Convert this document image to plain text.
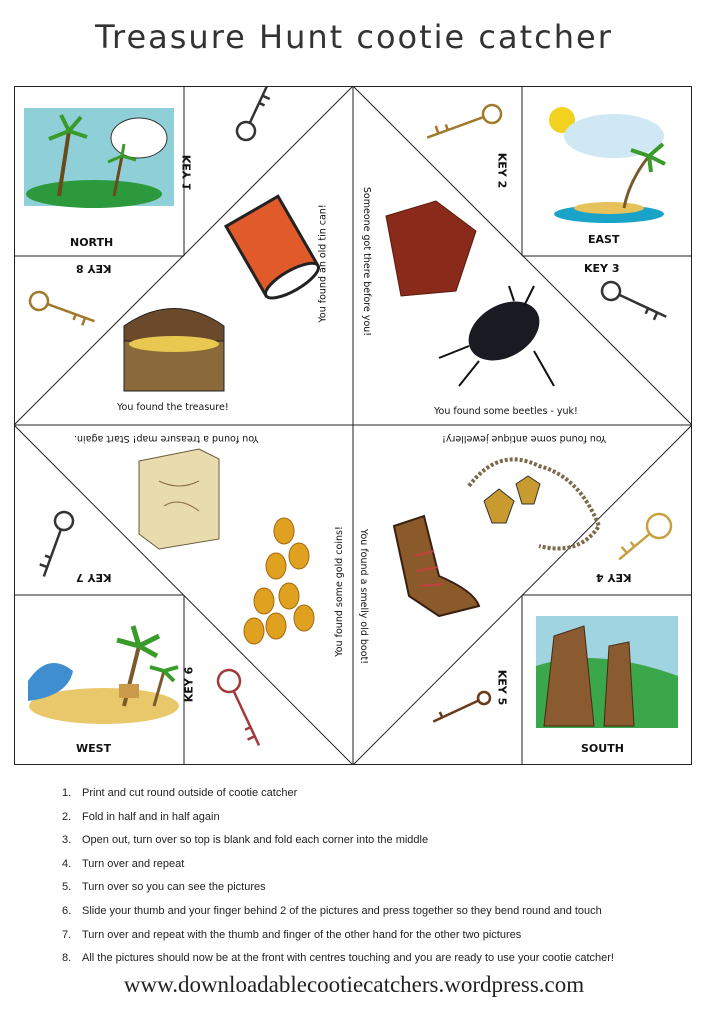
Treasure Hunt cootie catcher
NORTH	EAST
WEST	SOUTH
KEY 1	KEY 2
KEY 3
KEY 4
KEY 5
KEY 6
KEY 7
KEY 8	You found an old tin can!	Someone got there before you!
You found the treasure!	You found some beetles - yuk!
You found a treasure map! Start again.	You found some antique jewellery!
You found some gold coins! You found a smelly old boot!
1. Print and cut round outside of cootie catcher
2. Fold in half and in half again
3. Open out, turn over so top is blank and fold each corner into the middle
4. Turn over and repeat
5. Turn over so you can see the pictures
6. Slide your thumb and your finger behind 2 of the pictures and press together so they bend round and touch
7. Turn over and repeat with the thumb and finger of the other hand for the other two pictures
8. All the pictures should now be at the front with centres touching and you are ready to use your cootie catcher!
www.downloadablecootiecatchers.wordpress.com
